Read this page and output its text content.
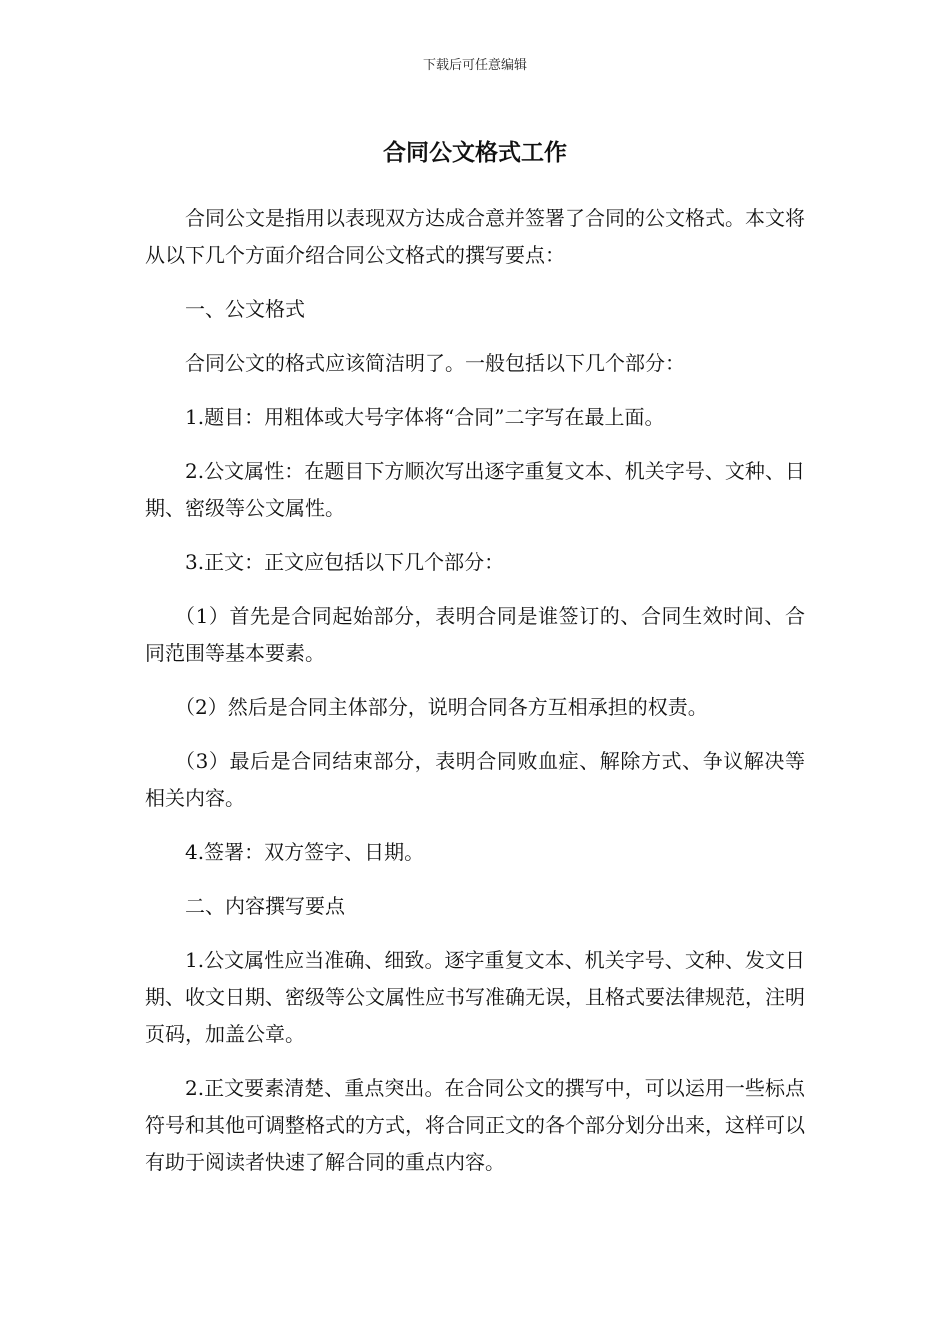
下载后可任意编辑
合同公文格式工作

合同公文是指用以表现双方达成合意并签署了合同的公文格式。本文将从以下几个方面介绍合同公文格式的撰写要点：

一、公文格式

合同公文的格式应该简洁明了。一般包括以下几个部分：

1.题目：用粗体或大号字体将“合同”二字写在最上面。

2.公文属性：在题目下方顺次写出逐字重复文本、机关字号、文种、日期、密级等公文属性。

3.正文：正文应包括以下几个部分：

（1）首先是合同起始部分，表明合同是谁签订的、合同生效时间、合同范围等基本要素。

（2）然后是合同主体部分，说明合同各方互相承担的权责。

（3）最后是合同结束部分，表明合同败血症、解除方式、争议解决等相关内容。

4.签署：双方签字、日期。

二、内容撰写要点

1.公文属性应当准确、细致。逐字重复文本、机关字号、文种、发文日期、收文日期、密级等公文属性应书写准确无误，且格式要法律规范，注明页码，加盖公章。

2.正文要素清楚、重点突出。在合同公文的撰写中，可以运用一些标点符号和其他可调整格式的方式，将合同正文的各个部分划分出来，这样可以有助于阅读者快速了解合同的重点内容。
